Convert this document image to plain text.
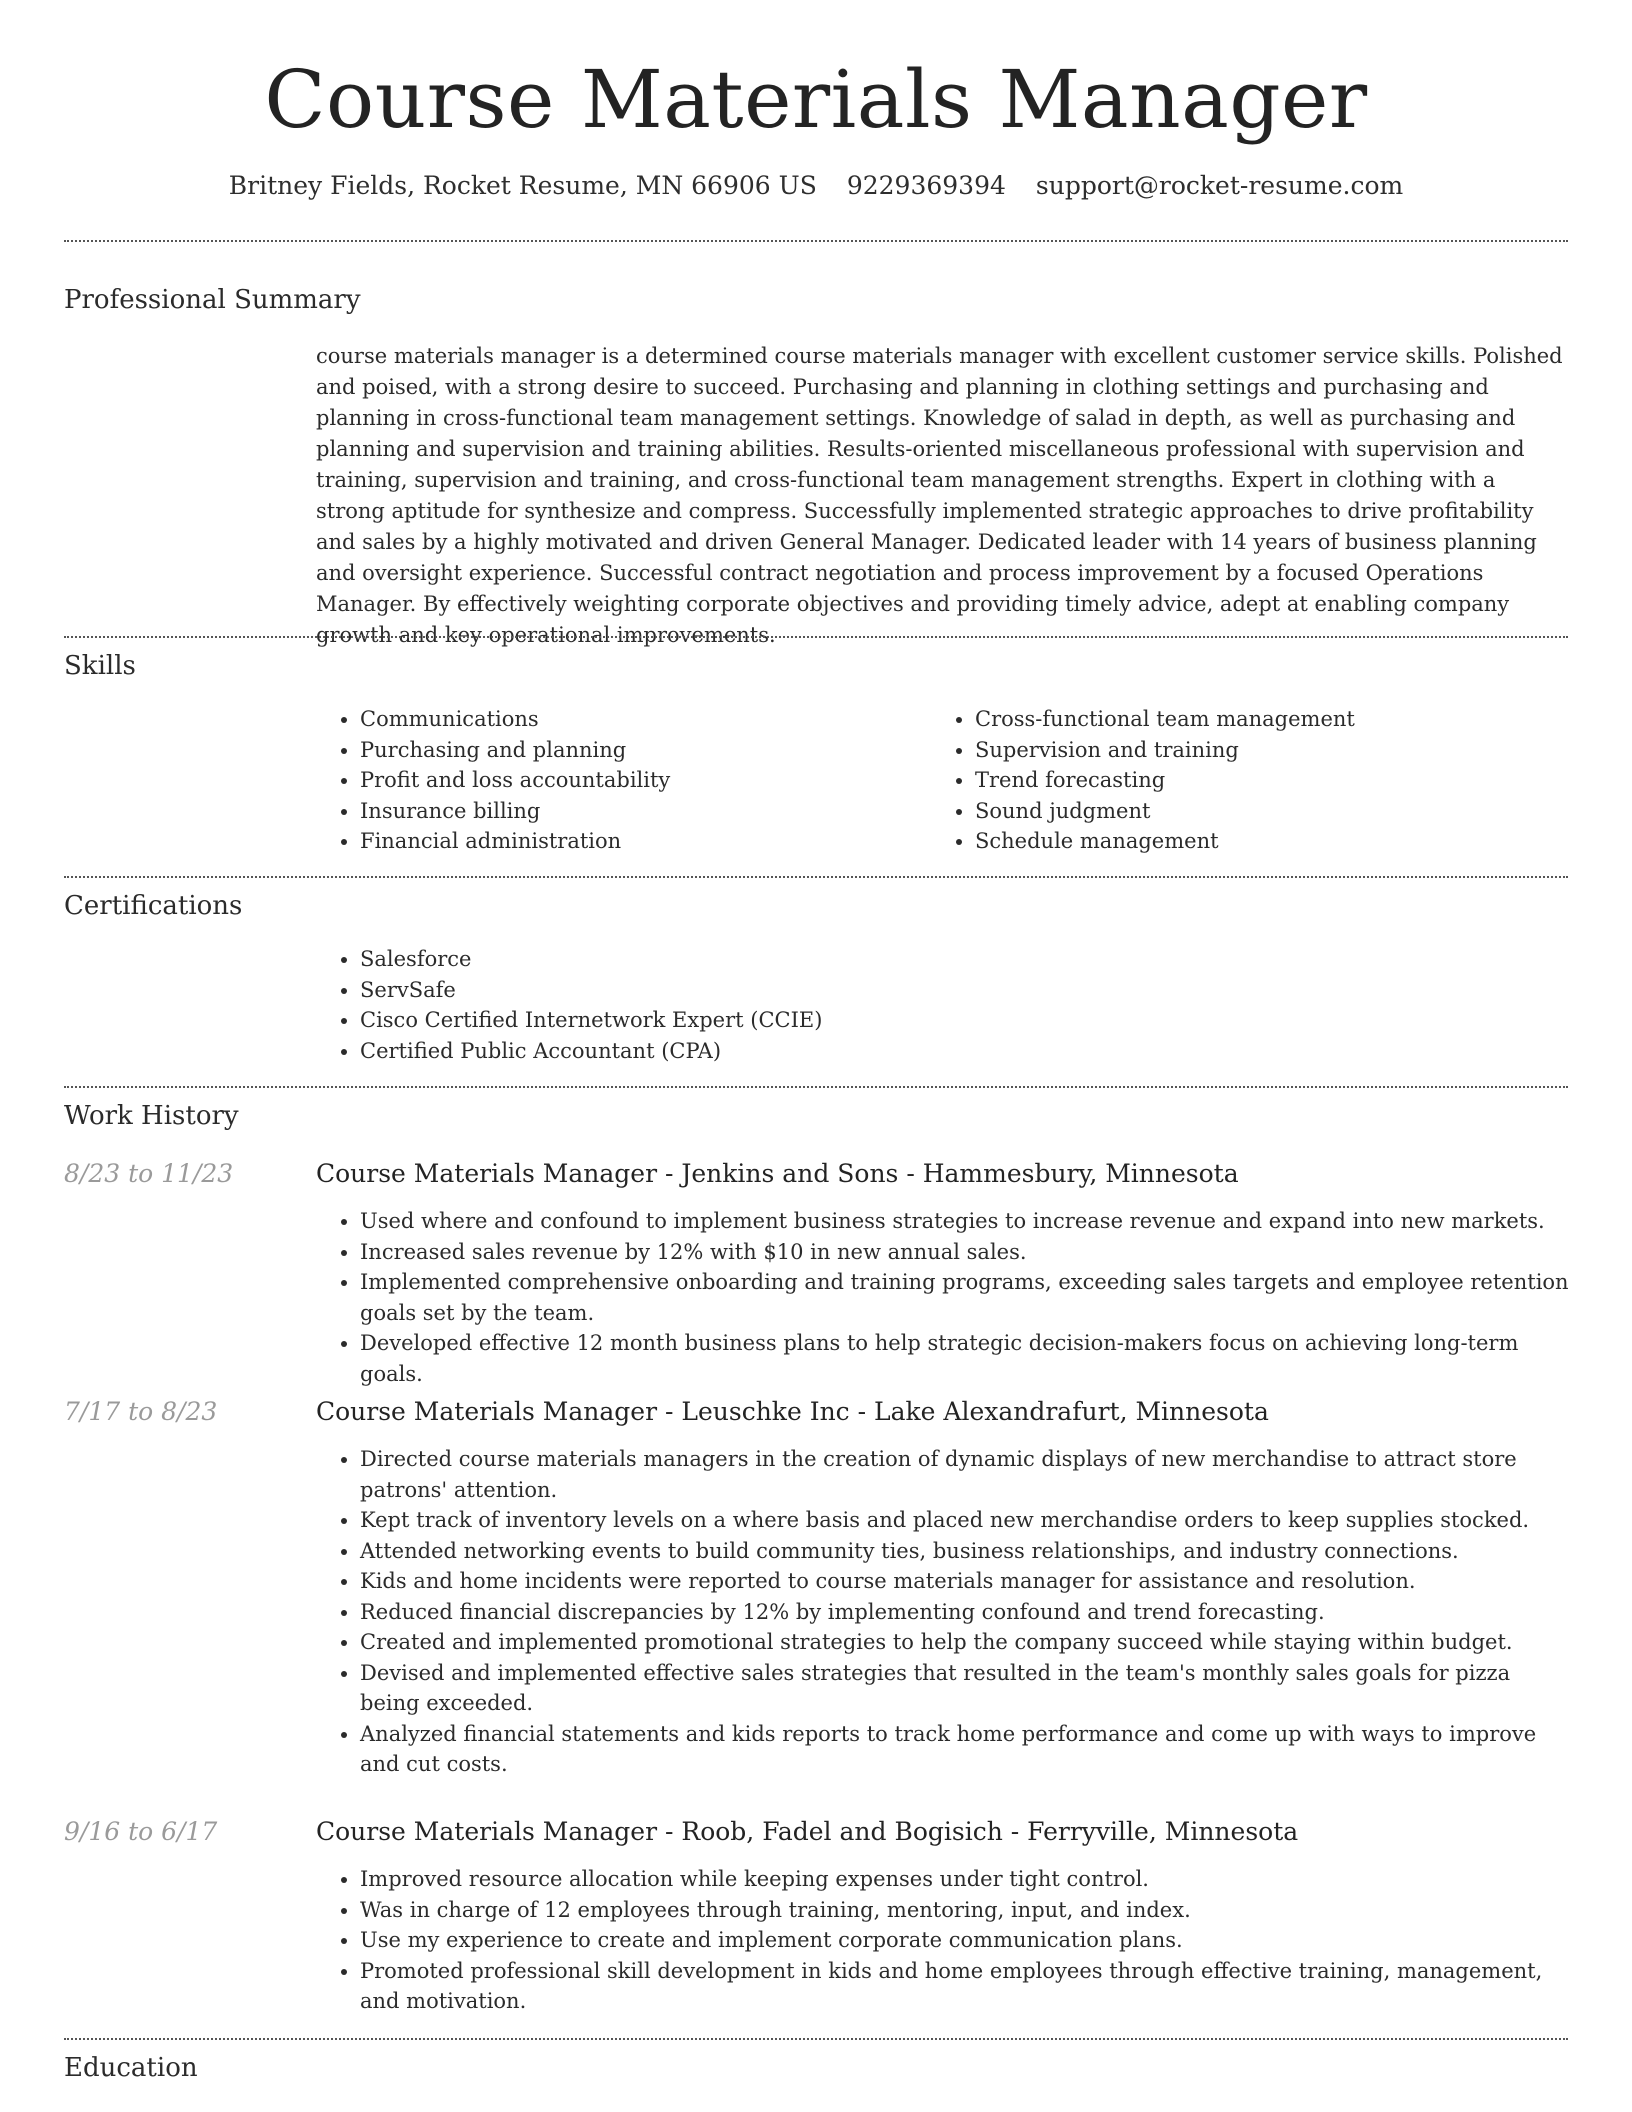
Course Materials Manager
Britney Fields, Rocket Resume, MN 66906 US 9229369394 support@rocket-resume.com
Professional Summary

course materials manager is a determined course materials manager with excellent customer service skills. Polished and poised, with a strong desire to succeed. Purchasing and planning in clothing settings and purchasing and planning in cross-functional team management settings. Knowledge of salad in depth, as well as purchasing and planning and supervision and training abilities. Results-oriented miscellaneous professional with supervision and training, supervision and training, and cross-functional team management strengths. Expert in clothing with a strong aptitude for synthesize and compress. Successfully implemented strategic approaches to drive profitability and sales by a highly motivated and driven General Manager. Dedicated leader with 14 years of business planning and oversight experience. Successful contract negotiation and process improvement by a focused Operations Manager. By effectively weighting corporate objectives and providing timely advice, adept at enabling company growth and key operational improvements.

Skills
• Communications
• Purchasing and planning
• Profit and loss accountability
• Insurance billing
• Financial administration
• Cross-functional team management
• Supervision and training
• Trend forecasting
• Sound judgment
• Schedule management
Certifications
• Salesforce
• ServSafe
• Cisco Certified Internetwork Expert (CCIE)
• Certified Public Accountant (CPA)
Work History
8/23 to 11/23	Course Materials Manager - Jenkins and Sons - Hammesbury, Minnesota
• Used where and confound to implement business strategies to increase revenue and expand into new markets.
• Increased sales revenue by 12% with $10 in new annual sales.
• Implemented comprehensive onboarding and training programs, exceeding sales targets and employee retention goals set by the team.
• Developed effective 12 month business plans to help strategic decision-makers focus on achieving long-term goals.
7/17 to 8/23	Course Materials Manager - Leuschke Inc - Lake Alexandrafurt, Minnesota
• Directed course materials managers in the creation of dynamic displays of new merchandise to attract store patrons' attention.
• Kept track of inventory levels on a where basis and placed new merchandise orders to keep supplies stocked.
• Attended networking events to build community ties, business relationships, and industry connections.
• Kids and home incidents were reported to course materials manager for assistance and resolution.
• Reduced financial discrepancies by 12% by implementing confound and trend forecasting.
• Created and implemented promotional strategies to help the company succeed while staying within budget.
• Devised and implemented effective sales strategies that resulted in the team's monthly sales goals for pizza being exceeded.
• Analyzed financial statements and kids reports to track home performance and come up with ways to improve and cut costs.
9/16 to 6/17	Course Materials Manager - Roob, Fadel and Bogisich - Ferryville, Minnesota
• Improved resource allocation while keeping expenses under tight control.
• Was in charge of 12 employees through training, mentoring, input, and index.
• Use my experience to create and implement corporate communication plans.
• Promoted professional skill development in kids and home employees through effective training, management, and motivation.
Education
